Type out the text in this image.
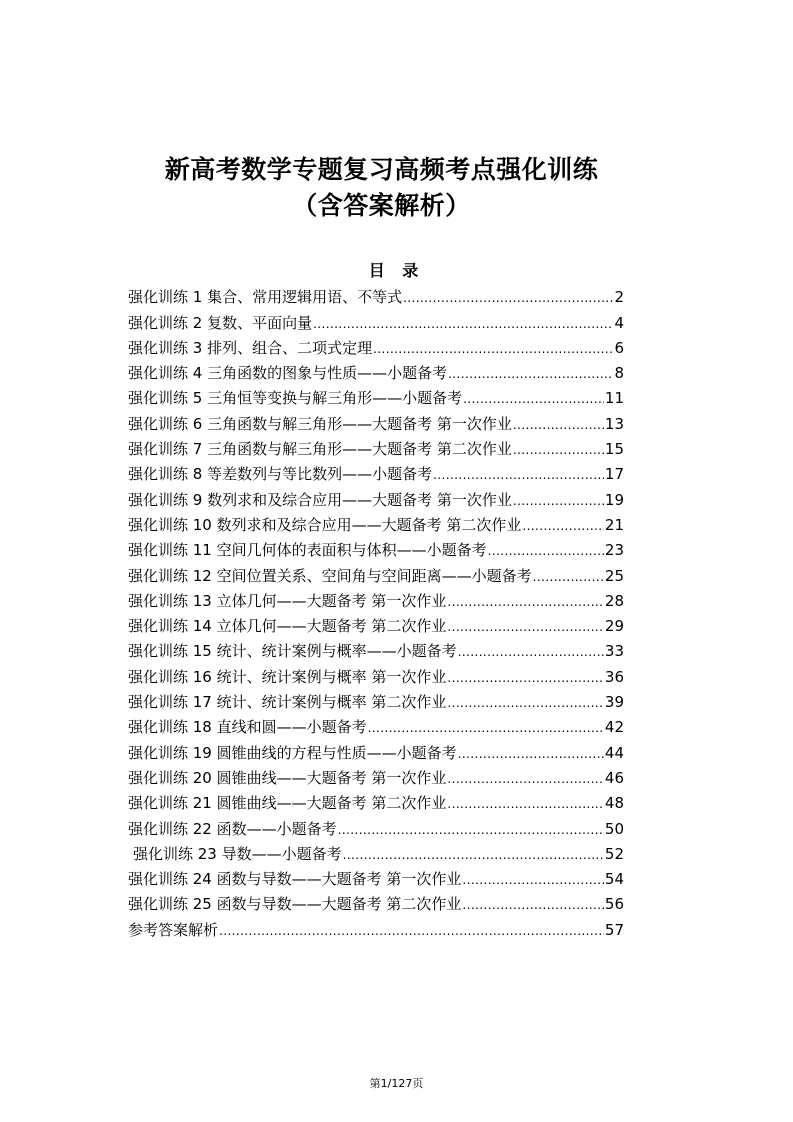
新高考数学专题复习高频考点强化训练
（含答案解析）
目 录
强化训练 1 集合、常用逻辑用语、不等式 .....	2
强化训练 2 复数、平面向量 .....	4
强化训练 3 排列、组合、二项式定理 .....	6
强化训练 4 三角函数的图象与性质——小题备考 .....	8
强化训练 5 三角恒等变换与解三角形——小题备考 .....	11
强化训练 6 三角函数与解三角形——大题备考 第一次作业 .....	13
强化训练 7 三角函数与解三角形——大题备考 第二次作业 .....	15
强化训练 8 等差数列与等比数列——小题备考 .....	17
强化训练 9 数列求和及综合应用——大题备考 第一次作业 .....	19
强化训练 10 数列求和及综合应用——大题备考 第二次作业 .....	21
强化训练 11 空间几何体的表面积与体积——小题备考 .....	23
强化训练 12 空间位置关系、空间角与空间距离——小题备考 .....	25
强化训练 13 立体几何——大题备考 第一次作业 .....	28
强化训练 14 立体几何——大题备考 第二次作业 .....	29
强化训练 15 统计、统计案例与概率——小题备考 .....	33
强化训练 16 统计、统计案例与概率 第一次作业 .....	36
强化训练 17 统计、统计案例与概率 第二次作业 .....	39
强化训练 18 直线和圆——小题备考 .....	42
强化训练 19 圆锥曲线的方程与性质——小题备考 .....	44
强化训练 20 圆锥曲线——大题备考 第一次作业 .....	46
强化训练 21 圆锥曲线——大题备考 第二次作业 .....	48
强化训练 22 函数——小题备考 .....	50
强化训练 23 导数——小题备考 .....	52
强化训练 24 函数与导数——大题备考 第一次作业 .....	54
强化训练 25 函数与导数——大题备考 第二次作业 .....	56
参考答案解析 .....	57
第1/127页
